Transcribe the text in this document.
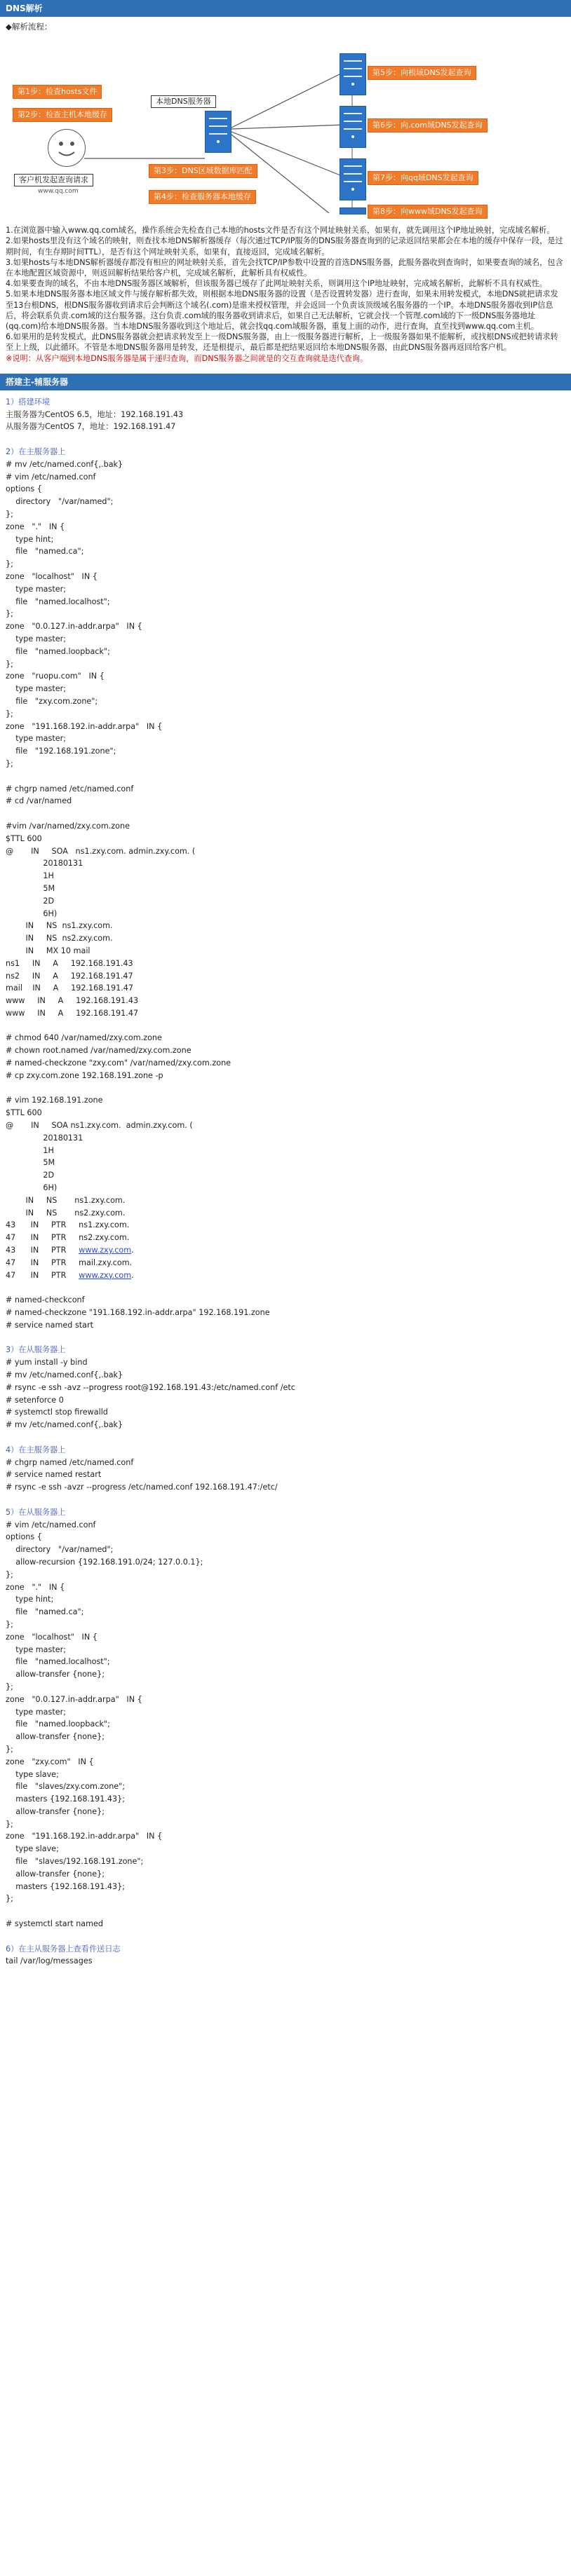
DNS解析
◆解析流程：
第1步：检查hosts文件
第2步：检查主机本地缓存
客户机发起查询请求
www.qq.com
本地DNS服务器
第3步：DNS区域数据库匹配
第4步：检查服务器本地缓存
第5步：向根域DNS发起查询
第6步：向.com域DNS发起查询
第7步：向qq域DNS发起查询
第8步：向www域DNS发起查询

1.在浏览器中输入www.qq.com域名，操作系统会先检查自己本地的hosts文件是否有这个网址映射关系，如果有，就先调用这个IP地址映射，完成域名解析。

2.如果hosts里没有这个域名的映射，则查找本地DNS解析器缓存（每次通过TCP/IP服务的DNS服务器查询到的记录返回结果都会在本地的缓存中保存一段，是过期时间，有生存期时间TTL），是否有这个网址映射关系，如果有，直接返回，完成域名解析。

3.如果hosts与本地DNS解析器缓存都没有相应的网址映射关系，首先会找TCP/IP参数中设置的首选DNS服务器，此服务器收到查询时，如果要查询的域名，包含在本地配置区域资源中，则返回解析结果给客户机，完成域名解析，此解析具有权威性。

4.如果要查询的域名，不由本地DNS服务器区域解析，但该服务器已缓存了此网址映射关系，则调用这个IP地址映射，完成域名解析，此解析不具有权威性。

5.如果本地DNS服务器本地区域文件与缓存解析都失效，则根据本地DNS服务器的设置（是否设置转发器）进行查询，如果未用转发模式，本地DNS就把请求发至13台根DNS，根DNS服务器收到请求后会判断这个域名(.com)是谁来授权管理，并会返回一个负责该顶级域名服务器的一个IP。本地DNS服务器收到IP信息后，将会联系负责.com域的这台服务器。这台负责.com域的服务器收到请求后，如果自己无法解析，它就会找一个管理.com域的下一级DNS服务器地址(qq.com)给本地DNS服务器。当本地DNS服务器收到这个地址后，就会找qq.com域服务器，重复上面的动作，进行查询，直至找到www.qq.com主机。

6.如果用的是转发模式，此DNS服务器就会把请求转发至上一级DNS服务器，由上一级服务器进行解析，上一级服务器如果不能解析，或找根DNS或把转请求转至上上级，以此循环。不管是本地DNS服务器用是转发，还是根提示，最后都是把结果返回给本地DNS服务器，由此DNS服务器再返回给客户机。

※说明：从客户端到本地DNS服务器是属于递归查询，而DNS服务器之间就是的交互查询就是迭代查询。

搭建主-辅服务器
1）搭建环境
主服务器为CentOS 6.5，地址：192.168.191.43
从服务器为CentOS 7，地址：192.168.191.47

2）在主服务器上
# mv /etc/named.conf{,.bak}
# vim /etc/named.conf
options {
directory   "/var/named";
};
zone   "."   IN {
type hint;
file   "named.ca";
};
zone   "localhost"   IN {
type master;
file   "named.localhost";
};
zone   "0.0.127.in-addr.arpa"   IN {
type master;
file   "named.loopback";
};
zone   "ruopu.com"   IN {
type master;
file   "zxy.com.zone";
};
zone   "191.168.192.in-addr.arpa"   IN {
type master;
file   "192.168.191.zone";
};

# chgrp named /etc/named.conf
# cd /var/named

#vim /var/named/zxy.com.zone
$TTL 600
@       IN     SOA   ns1.zxy.com. admin.zxy.com. (
20180131
1H
5M
2D
6H)
IN     NS  ns1.zxy.com.
IN     NS  ns2.zxy.com.
IN     MX 10 mail
ns1     IN     A     192.168.191.43
ns2     IN     A     192.168.191.47
mail    IN     A     192.168.191.47
www     IN     A     192.168.191.43
www     IN     A     192.168.191.47

# chmod 640 /var/named/zxy.com.zone
# chown root.named /var/named/zxy.com.zone
# named-checkzone "zxy.com" /var/named/zxy.com.zone
# cp zxy.com.zone 192.168.191.zone -p

# vim 192.168.191.zone
$TTL 600
@       IN     SOA ns1.zxy.com.  admin.zxy.com. (
20180131
1H
5M
2D
6H)
IN     NS       ns1.zxy.com.
IN     NS       ns2.zxy.com.
43      IN     PTR     ns1.zxy.com.
47      IN     PTR     ns2.zxy.com.
43      IN     PTR     www.zxy.com.
47      IN     PTR     mail.zxy.com.
47      IN     PTR     www.zxy.com.

# named-checkconf
# named-checkzone "191.168.192.in-addr.arpa" 192.168.191.zone
# service named start

3）在从服务器上
# yum install -y bind
# mv /etc/named.conf{,.bak}
# rsync -e ssh -avz --progress root@192.168.191.43:/etc/named.conf /etc
# setenforce 0
# systemctl stop firewalld
# mv /etc/named.conf{,.bak}

4）在主服务器上
# chgrp named /etc/named.conf
# service named restart
# rsync -e ssh -avzr --progress /etc/named.conf 192.168.191.47:/etc/

5）在从服务器上
# vim /etc/named.conf
options {
directory   "/var/named";
allow-recursion {192.168.191.0/24; 127.0.0.1};
};
zone   "."   IN {
type hint;
file   "named.ca";
};
zone   "localhost"   IN {
type master;
file   "named.localhost";
allow-transfer {none};
};
zone   "0.0.127.in-addr.arpa"   IN {
type master;
file   "named.loopback";
allow-transfer {none};
};
zone   "zxy.com"   IN {
type slave;
file   "slaves/zxy.com.zone";
masters {192.168.191.43};
allow-transfer {none};
};
zone   "191.168.192.in-addr.arpa"   IN {
type slave;
file   "slaves/192.168.191.zone";
allow-transfer {none};
masters {192.168.191.43};
};

# systemctl start named

6）在主从服务器上查看件送日志
tail /var/log/messages
